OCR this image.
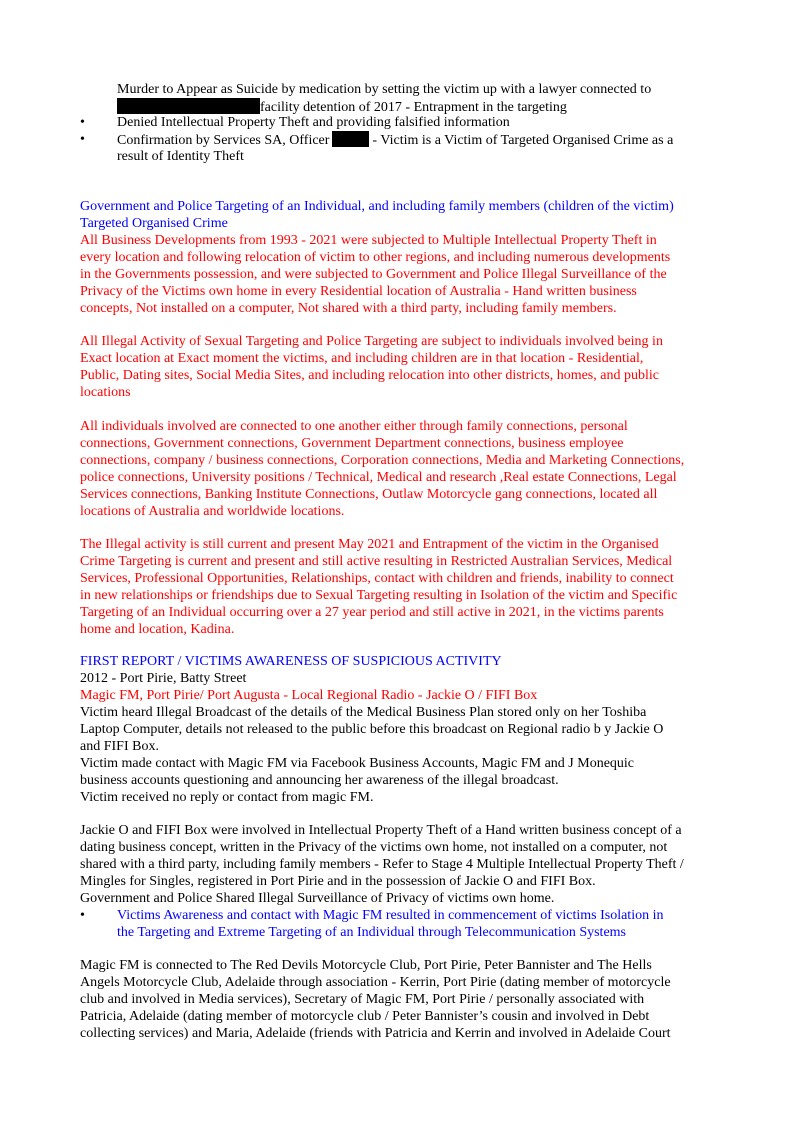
Murder to Appear as Suicide by medication by setting the victim up with a lawyer connected to
facility detention of 2017 - Entrapment in the targeting
•	Denied Intellectual Property Theft and providing falsified information
•	Confirmation by Services SA, Officer	- Victim is a Victim of Targeted Organised Crime as a
result of Identity Theft
Government and Police Targeting of an Individual, and including family members (children of the victim)
Targeted Organised Crime
All Business Developments from 1993 - 2021 were subjected to Multiple Intellectual Property Theft in
every location and following relocation of victim to other regions, and including numerous developments
in the Governments possession, and were subjected to Government and Police Illegal Surveillance of the
Privacy of the Victims own home in every Residential location of Australia - Hand written business
concepts, Not installed on a computer, Not shared with a third party, including family members.
All Illegal Activity of Sexual Targeting and Police Targeting are subject to individuals involved being in
Exact location at Exact moment the victims, and including children are in that location - Residential,
Public, Dating sites, Social Media Sites, and including relocation into other districts, homes, and public
locations
All individuals involved are connected to one another either through family connections, personal
connections, Government connections, Government Department connections, business employee
connections, company / business connections, Corporation connections, Media and Marketing Connections,
police connections, University positions / Technical, Medical and research ,Real estate Connections, Legal
Services connections, Banking Institute Connections, Outlaw Motorcycle gang connections, located all
locations of Australia and worldwide locations.
The Illegal activity is still current and present May 2021 and Entrapment of the victim in the Organised
Crime Targeting is current and present and still active resulting in Restricted Australian Services, Medical
Services, Professional Opportunities, Relationships, contact with children and friends, inability to connect
in new relationships or friendships due to Sexual Targeting resulting in Isolation of the victim and Specific
Targeting of an Individual occurring over a 27 year period and still active in 2021, in the victims parents
home and location, Kadina.
FIRST REPORT / VICTIMS AWARENESS OF SUSPICIOUS ACTIVITY
2012 - Port Pirie, Batty Street
Magic FM, Port Pirie/ Port Augusta - Local Regional Radio - Jackie O / FIFI Box
Victim heard Illegal Broadcast of the details of the Medical Business Plan stored only on her Toshiba
Laptop Computer, details not released to the public before this broadcast on Regional radio b y Jackie O
and FIFI Box.
Victim made contact with Magic FM via Facebook Business Accounts, Magic FM and J Monequic
business accounts questioning and announcing her awareness of the illegal broadcast.
Victim received no reply or contact from magic FM.
Jackie O and FIFI Box were involved in Intellectual Property Theft of a Hand written business concept of a
dating business concept, written in the Privacy of the victims own home, not installed on a computer, not
shared with a third party, including family members - Refer to Stage 4 Multiple Intellectual Property Theft /
Mingles for Singles, registered in Port Pirie and in the possession of Jackie O and FIFI Box.
Government and Police Shared Illegal Surveillance of Privacy of victims own home.
•	Victims Awareness and contact with Magic FM resulted in commencement of victims Isolation in
the Targeting and Extreme Targeting of an Individual through Telecommunication Systems
Magic FM is connected to The Red Devils Motorcycle Club, Port Pirie, Peter Bannister and The Hells
Angels Motorcycle Club, Adelaide through association - Kerrin, Port Pirie (dating member of motorcycle
club and involved in Media services), Secretary of Magic FM, Port Pirie / personally associated with
Patricia, Adelaide (dating member of motorcycle club / Peter Bannister’s cousin and involved in Debt
collecting services) and Maria, Adelaide (friends with Patricia and Kerrin and involved in Adelaide Court
